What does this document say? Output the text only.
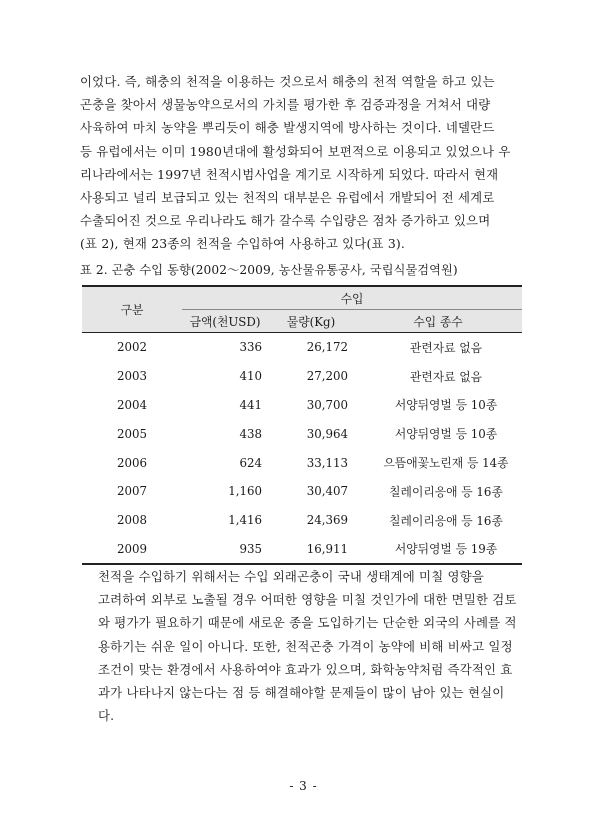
이었다. 즉, 해충의 천적을 이용하는 것으로서 해충의 천적 역할을 하고 있는

곤충을 찾아서 생물농약으로서의 가치를 평가한 후 검증과정을 거쳐서 대량

사육하여 마치 농약을 뿌리듯이 해충 발생지역에 방사하는 것이다. 네델란드

등 유럽에서는 이미 1980년대에 활성화되어 보편적으로 이용되고 있었으나 우

리나라에서는 1997년 천적시범사업을 계기로 시작하게 되었다. 따라서 현재

사용되고 널리 보급되고 있는 천적의 대부분은 유럽에서 개발되어 전 세계로

수출되어진 것으로 우리나라도 해가 갈수록 수입량은 점차 증가하고 있으며

(표 2), 현재 23종의 천적을 수입하여 사용하고 있다(표 3).

표 2. 곤충 수입 동향(2002～2009, 농산물유통공사, 국립식물검역원)
구분	수입		
	금액(천USD)	물량(Kg)	수입 종수
2002	336	26,172	관련자료 없음
2003	410	27,200	관련자료 없음
2004	441	30,700	서양뒤영벌 등 10종
2005	438	30,964	서양뒤영벌 등 10종
2006	624	33,113	으뜸애꽃노린재 등 14종
2007	1,160	30,407	칠레이리응애 등 16종
2008	1,416	24,369	칠레이리응애 등 16종
2009	935	16,911	서양뒤영벌 등 19종

천적을 수입하기 위해서는 수입 외래곤충이 국내 생태계에 미칠 영향을

고려하여 외부로 노출될 경우 어떠한 영향을 미칠 것인가에 대한 면밀한 검토

와 평가가 필요하기 때문에 새로운 종을 도입하기는 단순한 외국의 사례를 적

용하기는 쉬운 일이 아니다. 또한, 천적곤충 가격이 농약에 비해 비싸고 일정

조건이 맞는 환경에서 사용하여야 효과가 있으며, 화학농약처럼 즉각적인 효

과가 나타나지 않는다는 점 등 해결해야할 문제들이 많이 남아 있는 현실이

다.

- 3 -
